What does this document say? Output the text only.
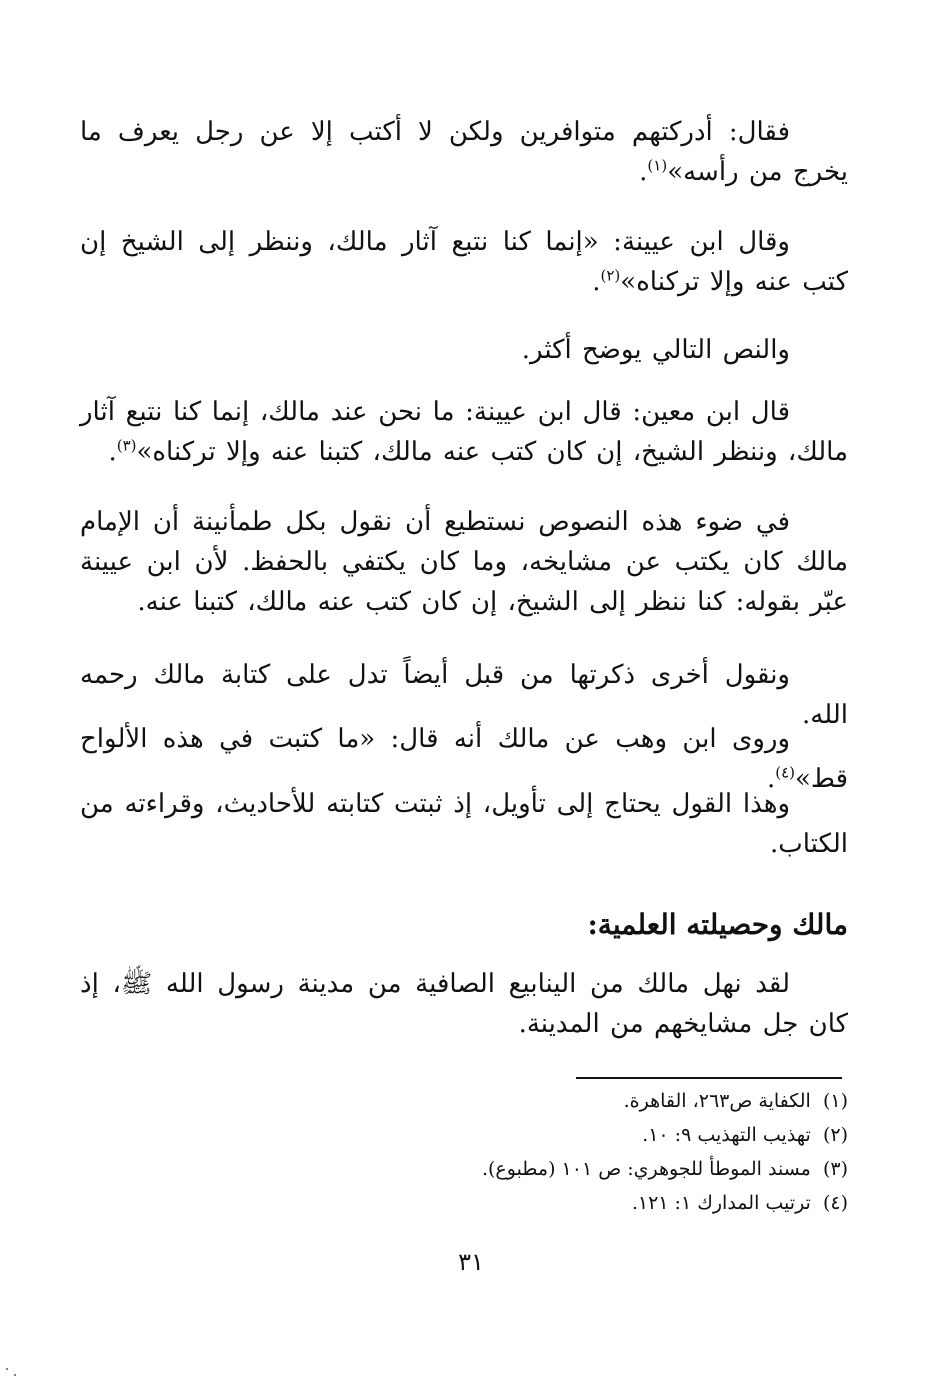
فقال: أدركتهم متوافرين ولكن لا أكتب إلا عن رجل يعرف ما يخرج من رأسه»$^{(١)}$.

وقال ابن عيينة: «إنما كنا نتبع آثار مالك، وننظر إلى الشيخ إن كتب عنه وإلا تركناه»$^{(٢)}$.

والنص التالي يوضح أكثر.

قال ابن معين: قال ابن عيينة: ما نحن عند مالك، إنما كنا نتبع آثار مالك، وننظر الشيخ، إن كان كتب عنه مالك، كتبنا عنه وإلا تركناه»$^{(٣)}$.

في ضوء هذه النصوص نستطيع أن نقول بكل طمأنينة أن الإمام مالك كان يكتب عن مشايخه، وما كان يكتفي بالحفظ. لأن ابن عيينة عبّر بقوله: كنا ننظر إلى الشيخ، إن كان كتب عنه مالك، كتبنا عنه.

ونقول أخرى ذكرتها من قبل أيضاً تدل على كتابة مالك رحمه الله.

وروى ابن وهب عن مالك أنه قال: «ما كتبت في هذه الألواح قط»$^{(٤)}$.

وهذا القول يحتاج إلى تأويل، إذ ثبتت كتابته للأحاديث، وقراءته من الكتاب.

مالك وحصيلته العلمية:

لقد نهل مالك من الينابيع الصافية من مدينة رسول الله ﷺ، إذ كان جل مشايخهم من المدينة.

(١)  الكفاية ص٢٦٣، القاهرة.
(٢)  تهذيب التهذيب ٩: ١٠.
(٣)  مسند الموطأ للجوهري: ص ١٠١ (مطبوع).
(٤)  ترتيب المدارك ١: ١٢١.
٣١
